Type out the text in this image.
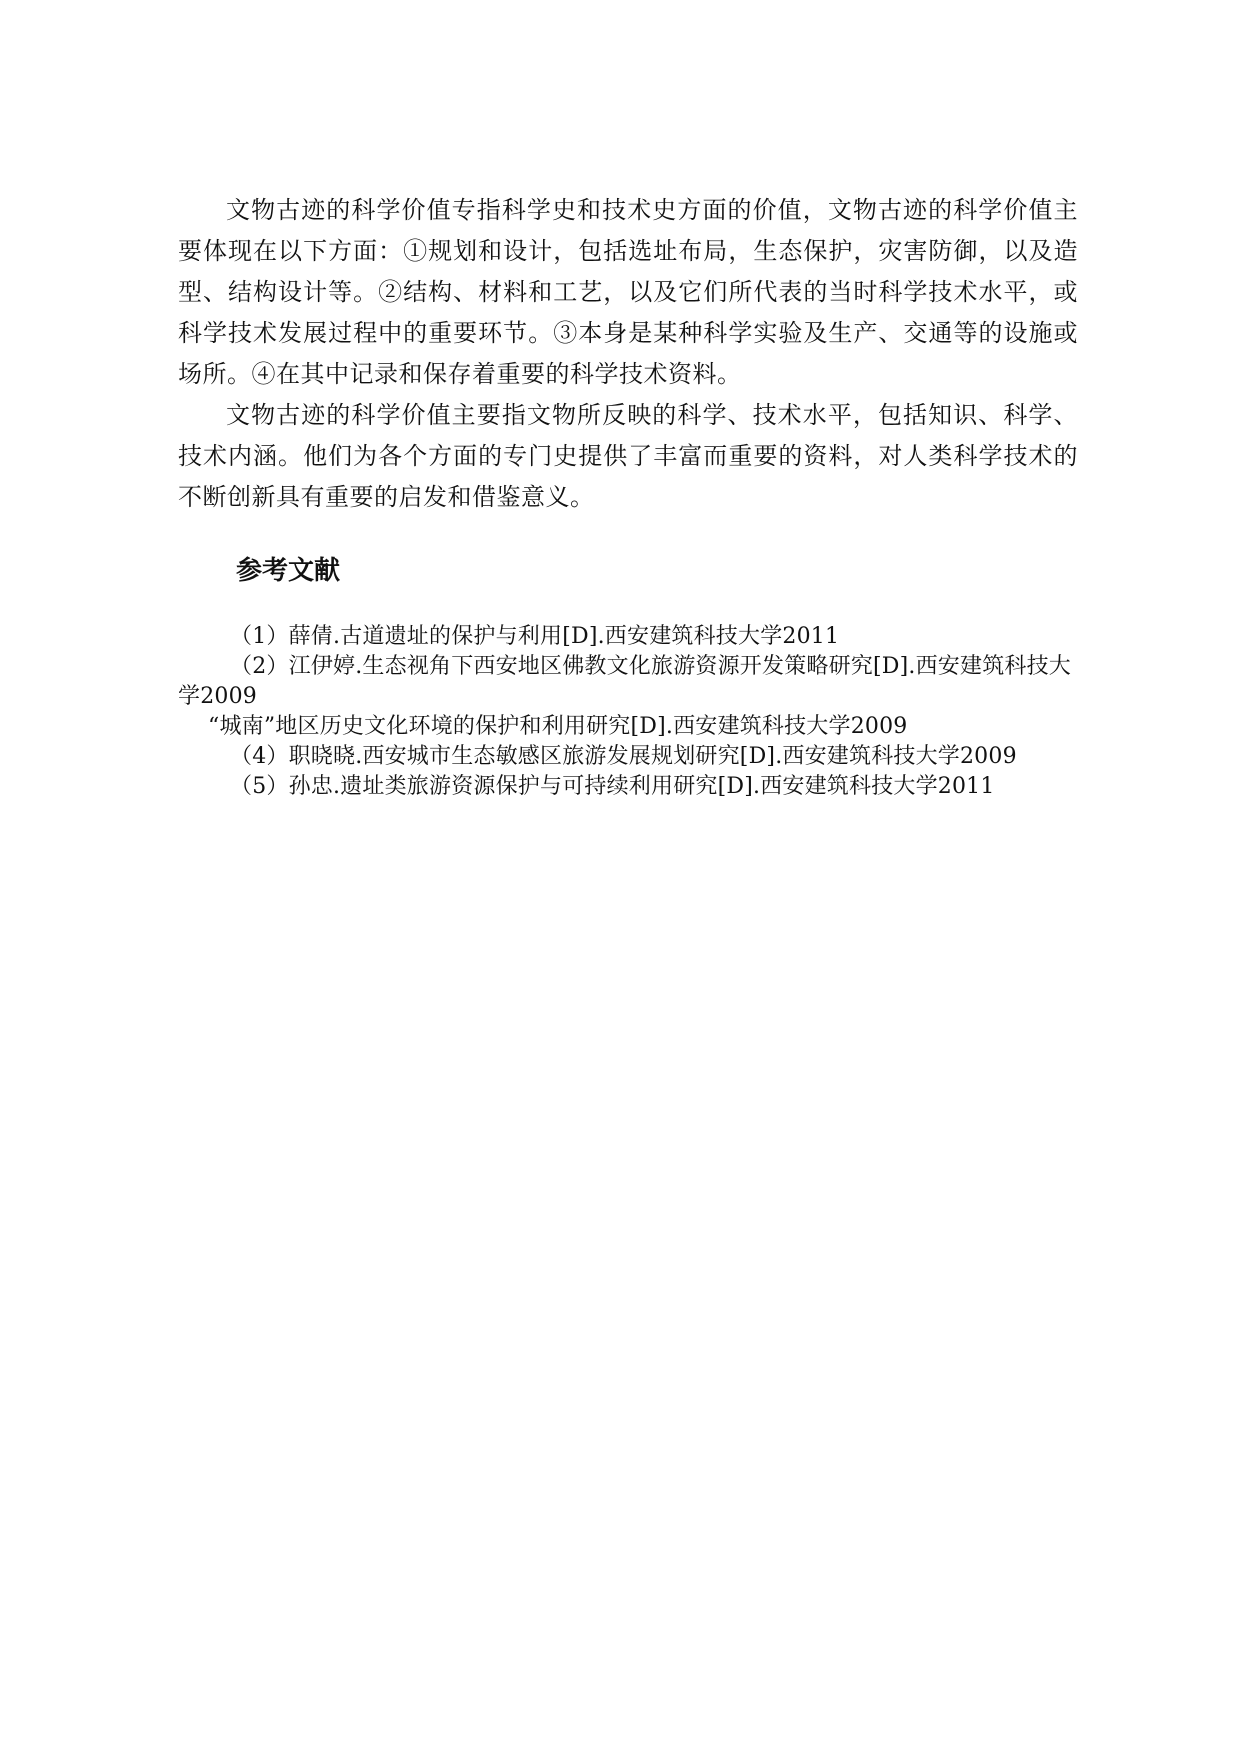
文物古迹的科学价值专指科学史和技术史方面的价值，文物古迹的科学价值主要体现在以下方面：①规划和设计，包括选址布局，生态保护，灾害防御，以及造型、结构设计等。②结构、材料和工艺，以及它们所代表的当时科学技术水平，或科学技术发展过程中的重要环节。③本身是某种科学实验及生产、交通等的设施或场所。④在其中记录和保存着重要的科学技术资料。

文物古迹的科学价值主要指文物所反映的科学、技术水平，包括知识、科学、技术内涵。他们为各个方面的专门史提供了丰富而重要的资料，对人类科学技术的不断创新具有重要的启发和借鉴意义。

参考文献
（1）薛倩.古道遗址的保护与利用[D].西安建筑科技大学2011
（2）江伊婷.生态视角下西安地区佛教文化旅游资源开发策略研究[D].西安建筑科技大学2009
“城南”地区历史文化环境的保护和利用研究[D].西安建筑科技大学2009
（4）职晓晓.西安城市生态敏感区旅游发展规划研究[D].西安建筑科技大学2009
（5）孙忠.遗址类旅游资源保护与可持续利用研究[D].西安建筑科技大学2011
